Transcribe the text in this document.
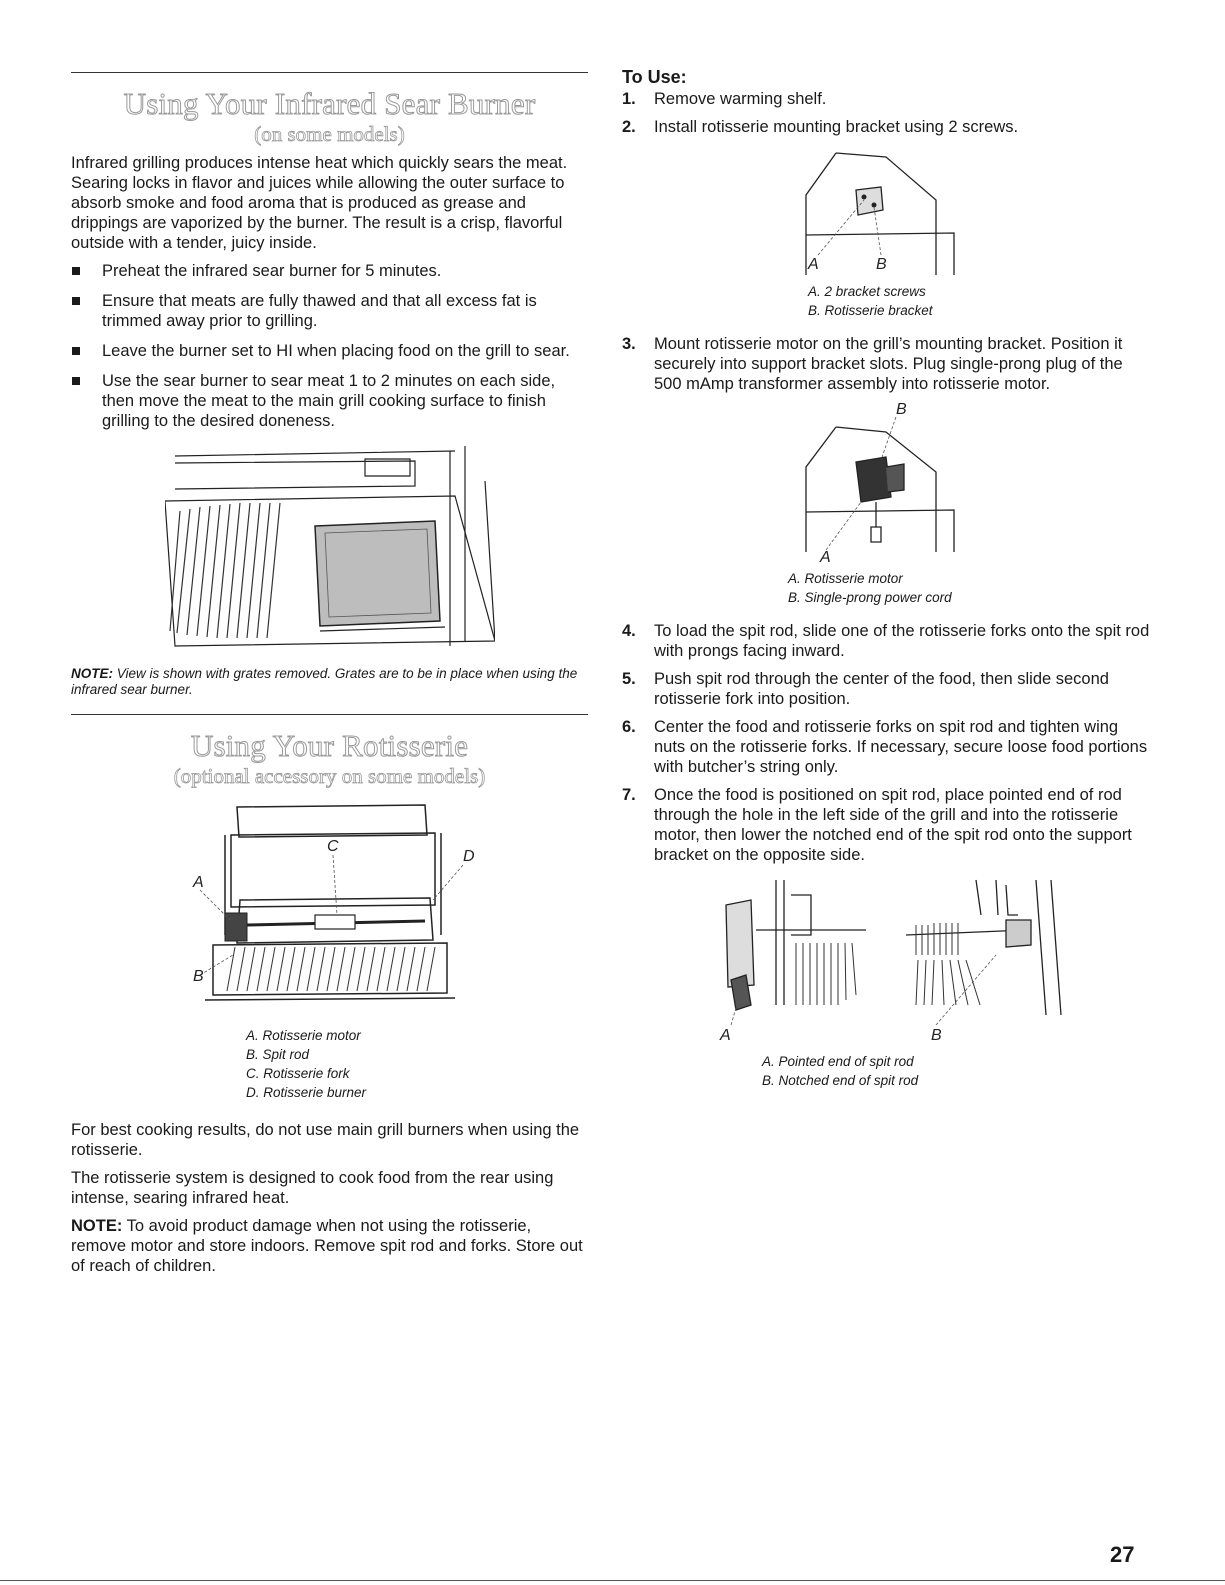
Using Your Infrared Sear Burner
(on some models)

Infrared grilling produces intense heat which quickly sears the meat. Searing locks in flavor and juices while allowing the outer surface to absorb smoke and food aroma that is produced as grease and drippings are vaporized by the burner. The result is a crisp, flavorful outside with a tender, juicy inside.

Preheat the infrared sear burner for 5 minutes.
Ensure that meats are fully thawed and that all excess fat is trimmed away prior to grilling.
Leave the burner set to HI when placing food on the grill to sear.
Use the sear burner to sear meat 1 to 2 minutes on each side, then move the meat to the main grill cooking surface to finish grilling to the desired doneness.

NOTE: View is shown with grates removed. Grates are to be in place when using the infrared sear burner.

Using Your Rotisserie
(optional accessory on some models)
A
B
C
D
A. Rotisserie motor
B. Spit rod
C. Rotisserie fork
D. Rotisserie burner

For best cooking results, do not use main grill burners when using the rotisserie.

The rotisserie system is designed to cook food from the rear using intense, searing infrared heat.

NOTE: To avoid product damage when not using the rotisserie, remove motor and store indoors. Remove spit rod and forks. Store out of reach of children.

To Use:
1. Remove warming shelf.
2. Install rotisserie mounting bracket using 2 screws.
A	B
A. 2 bracket screws
B. Rotisserie bracket
3. Mount rotisserie motor on the grill’s mounting bracket. Position it securely into support bracket slots. Plug single-prong plug of the 500 mAmp transformer assembly into rotisserie motor.
B
A
A. Rotisserie motor
B. Single-prong power cord
4. To load the spit rod, slide one of the rotisserie forks onto the spit rod with prongs facing inward.
5. Push spit rod through the center of the food, then slide second rotisserie fork into position.
6. Center the food and rotisserie forks on spit rod and tighten wing nuts on the rotisserie forks. If necessary, secure loose food portions with butcher’s string only.
7. Once the food is positioned on spit rod, place pointed end of rod through the hole in the left side of the grill and into the rotisserie motor, then lower the notched end of the spit rod onto the support bracket on the opposite side.
A	B
A. Pointed end of spit rod
B. Notched end of spit rod
27
